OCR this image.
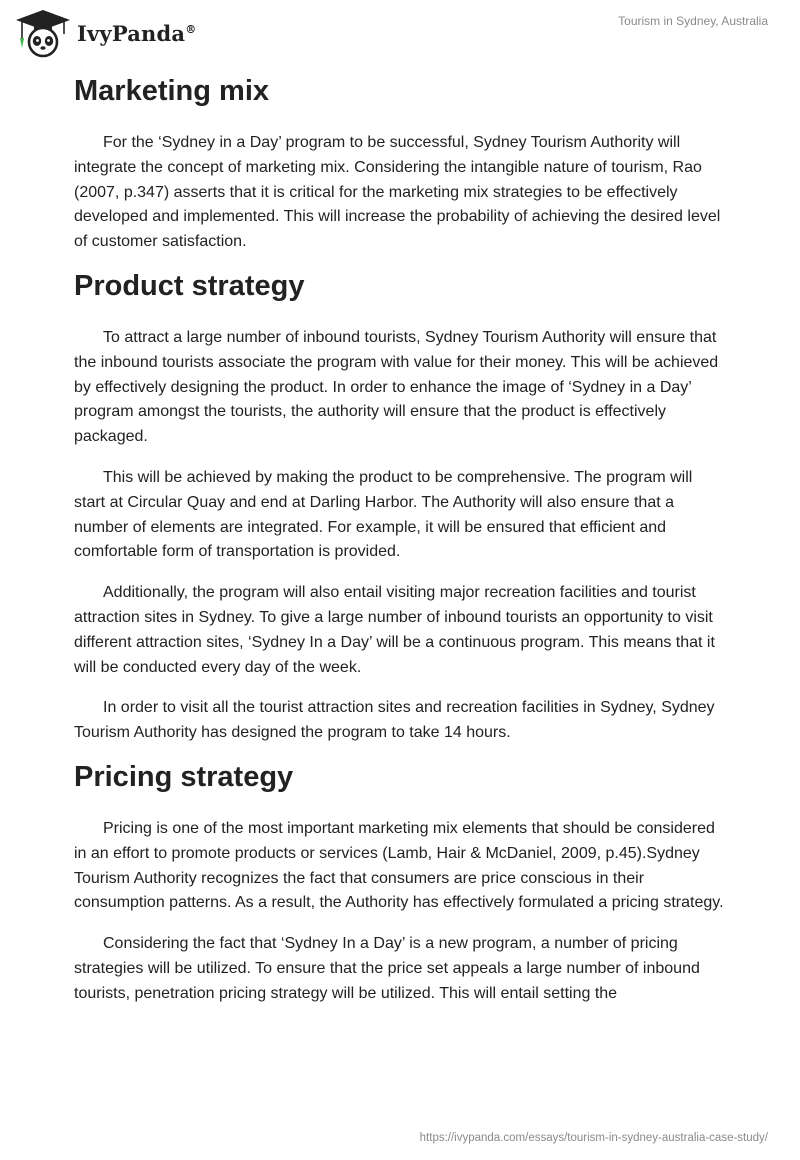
IvyPanda®
Tourism in Sydney, Australia
Marketing mix

For the ‘Sydney in a Day’ program to be successful, Sydney Tourism Authority will integrate the concept of marketing mix. Considering the intangible nature of tourism, Rao (2007, p.347) asserts that it is critical for the marketing mix strategies to be effectively developed and implemented. This will increase the probability of achieving the desired level of customer satisfaction.

Product strategy

To attract a large number of inbound tourists, Sydney Tourism Authority will ensure that the inbound tourists associate the program with value for their money. This will be achieved by effectively designing the product. In order to enhance the image of ‘Sydney in a Day’ program amongst the tourists, the authority will ensure that the product is effectively packaged.

This will be achieved by making the product to be comprehensive. The program will start at Circular Quay and end at Darling Harbor. The Authority will also ensure that a number of elements are integrated. For example, it will be ensured that efficient and comfortable form of transportation is provided.

Additionally, the program will also entail visiting major recreation facilities and tourist attraction sites in Sydney. To give a large number of inbound tourists an opportunity to visit different attraction sites, ‘Sydney In a Day’ will be a continuous program. This means that it will be conducted every day of the week.

In order to visit all the tourist attraction sites and recreation facilities in Sydney, Sydney Tourism Authority has designed the program to take 14 hours.

Pricing strategy

Pricing is one of the most important marketing mix elements that should be considered in an effort to promote products or services (Lamb, Hair & McDaniel, 2009, p.45).Sydney Tourism Authority recognizes the fact that consumers are price conscious in their consumption patterns. As a result, the Authority has effectively formulated a pricing strategy.

Considering the fact that ‘Sydney In a Day’ is a new program, a number of pricing strategies will be utilized. To ensure that the price set appeals a large number of inbound tourists, penetration pricing strategy will be utilized. This will entail setting the

https://ivypanda.com/essays/tourism-in-sydney-australia-case-study/
